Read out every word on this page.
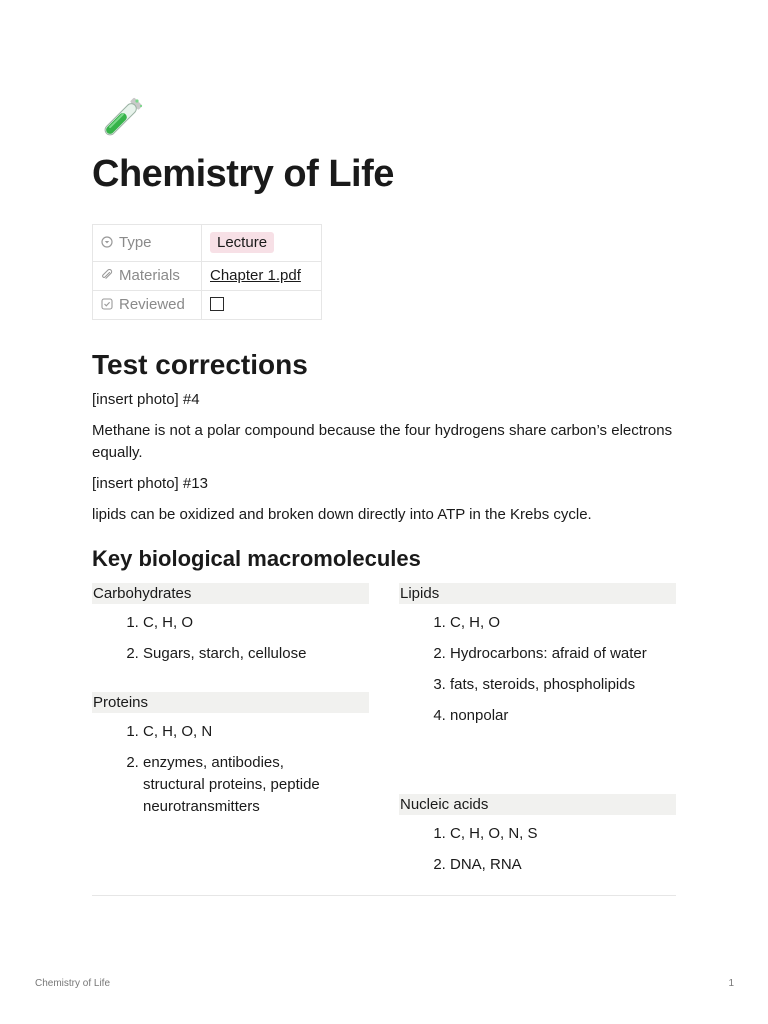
Chemistry of Life
Type	Lecture
Materials	Chapter 1.pdf
Reviewed	
Test corrections

[insert photo] #4

Methane is not a polar compound because the four hydrogens share carbon’s electrons equally.

[insert photo] #13

lipids can be oxidized and broken down directly into ATP in the Krebs cycle.

Key biological macromolecules
Carbohydrates
1. C, H, O
2. Sugars, starch, cellulose
Proteins
1. C, H, O, N
2. enzymes, antibodies, structural proteins, peptide neurotransmitters
Lipids
1. C, H, O
2. Hydrocarbons: afraid of water
3. fats, steroids, phospholipids
4. nonpolar
Nucleic acids
1. C, H, O, N, S
2. DNA, RNA
Chemistry of Life	1
